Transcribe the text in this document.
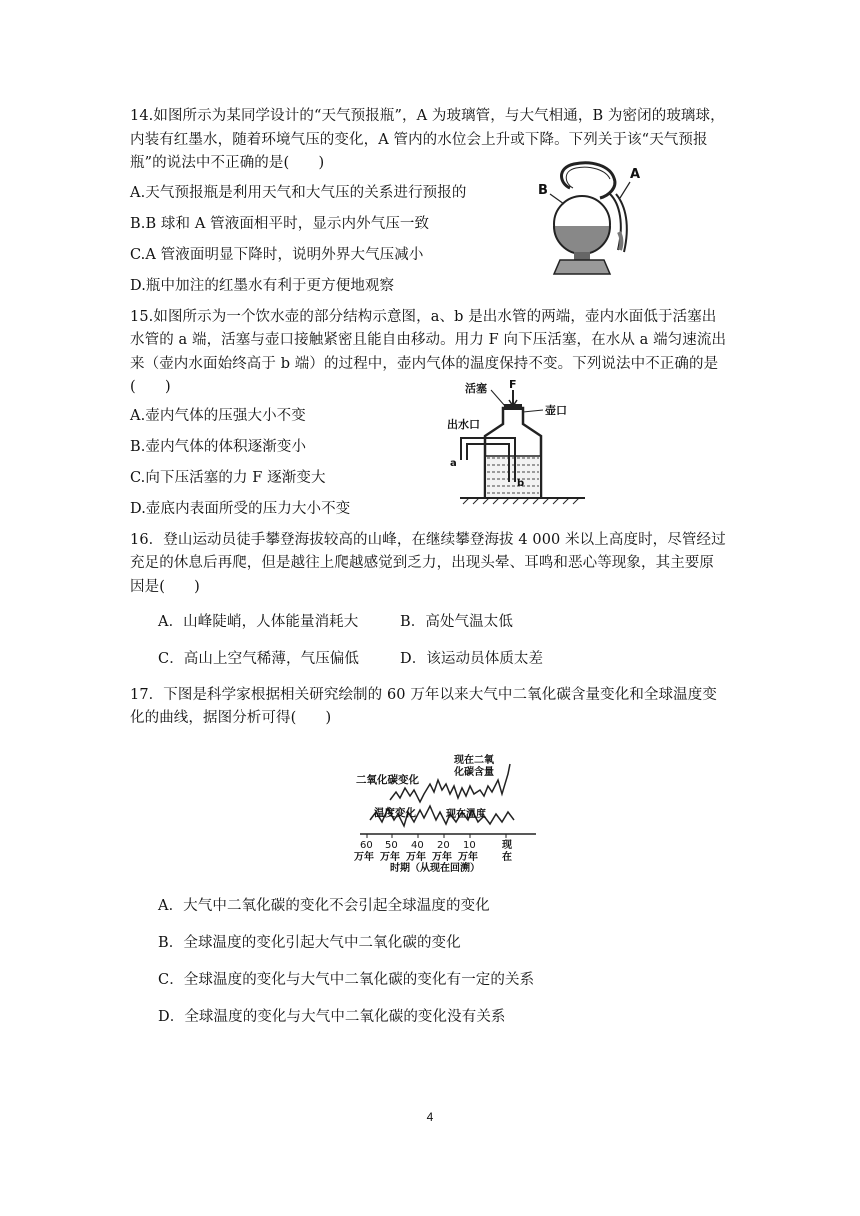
14.如图所示为某同学设计的“天气预报瓶”，A 为玻璃管，与大气相通，B 为密闭的玻璃球，
内装有红墨水，随着环境气压的变化，A 管内的水位会上升或下降。下列关于该“天气预报
瓶”的说法中不正确的是(　　)
A.天气预报瓶是利用天气和大气压的关系进行预报的
B.B 球和 A 管液面相平时，显示内外气压一致
C.A 管液面明显下降时，说明外界大气压减小
D.瓶中加注的红墨水有利于更方便地观察
B
A
15.如图所示为一个饮水壶的部分结构示意图，a、b 是出水管的两端，壶内水面低于活塞出
水管的 a 端，活塞与壶口接触紧密且能自由移动。用力 F 向下压活塞，在水从 a 端匀速流出
来（壶内水面始终高于 b 端）的过程中，壶内气体的温度保持不变。下列说法中不正确的是
(　　)
A.壶内气体的压强大小不变
B.壶内气体的体积逐渐变小
C.向下压活塞的力 F 逐渐变大
D.壶底内表面所受的压力大小不变
活塞 F
壶口
出水口
a
b
16．登山运动员徒手攀登海拔较高的山峰，在继续攀登海拔 4 000 米以上高度时，尽管经过
充足的休息后再爬，但是越往上爬越感觉到乏力，出现头晕、耳鸣和恶心等现象，其主要原
因是(　　)
A．山峰陡峭，人体能量消耗大	B．高处气温太低
C．高山上空气稀薄，气压偏低	D．该运动员体质太差
17．下图是科学家根据相关研究绘制的 60 万年以来大气中二氧化碳含量变化和全球温度变
化的曲线，据图分析可得(　　)
二氧化碳变化
温度变化
现在二氧
化碳含量
现在温度
60 50 40 20 10	现
在
万年 万年 万年 万年 万年
时期（从现在回溯）
A．大气中二氧化碳的变化不会引起全球温度的变化
B．全球温度的变化引起大气中二氧化碳的变化
C．全球温度的变化与大气中二氧化碳的变化有一定的关系
D．全球温度的变化与大气中二氧化碳的变化没有关系
4
